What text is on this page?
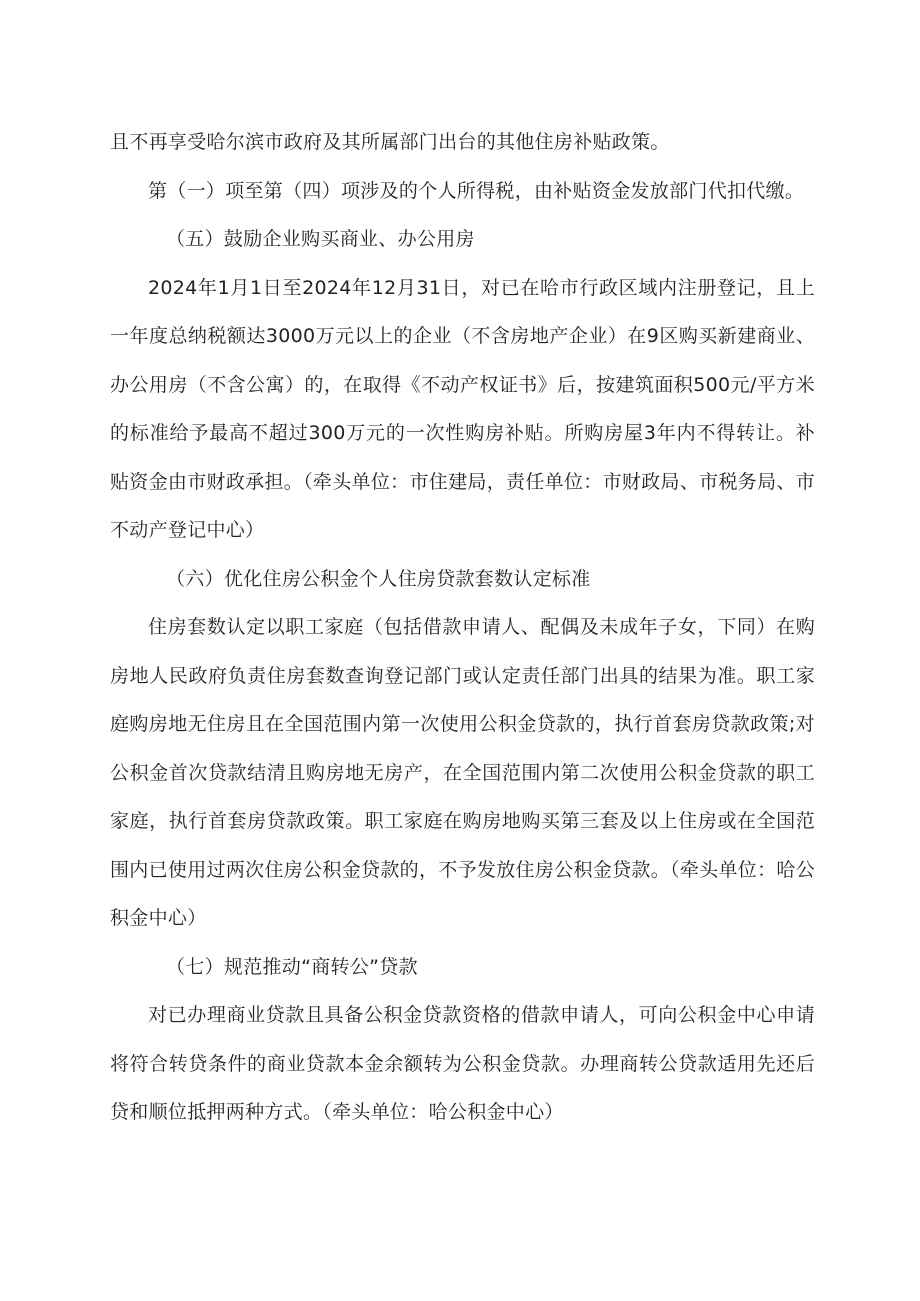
且不再享受哈尔滨市政府及其所属部门出台的其他住房补贴政策。

第（一）项至第（四）项涉及的个人所得税，由补贴资金发放部门代扣代缴。

（五）鼓励企业购买商业、办公用房

2024年1月1日至2024年12月31日，对已在哈市行政区域内注册登记，且上一年度总纳税额达3000万元以上的企业（不含房地产企业）在9区购买新建商业、办公用房（不含公寓）的，在取得《不动产权证书》后，按建筑面积500元/平方米的标准给予最高不超过300万元的一次性购房补贴。所购房屋3年内不得转让。补贴资金由市财政承担。（牵头单位：市住建局，责任单位：市财政局、市税务局、市不动产登记中心）

（六）优化住房公积金个人住房贷款套数认定标准

住房套数认定以职工家庭（包括借款申请人、配偶及未成年子女，下同）在购房地人民政府负责住房套数查询登记部门或认定责任部门出具的结果为准。职工家庭购房地无住房且在全国范围内第一次使用公积金贷款的，执行首套房贷款政策;对公积金首次贷款结清且购房地无房产，在全国范围内第二次使用公积金贷款的职工家庭，执行首套房贷款政策。职工家庭在购房地购买第三套及以上住房或在全国范围内已使用过两次住房公积金贷款的，不予发放住房公积金贷款。（牵头单位：哈公积金中心）

（七）规范推动“商转公”贷款

对已办理商业贷款且具备公积金贷款资格的借款申请人，可向公积金中心申请将符合转贷条件的商业贷款本金余额转为公积金贷款。办理商转公贷款适用先还后贷和顺位抵押两种方式。（牵头单位：哈公积金中心）
